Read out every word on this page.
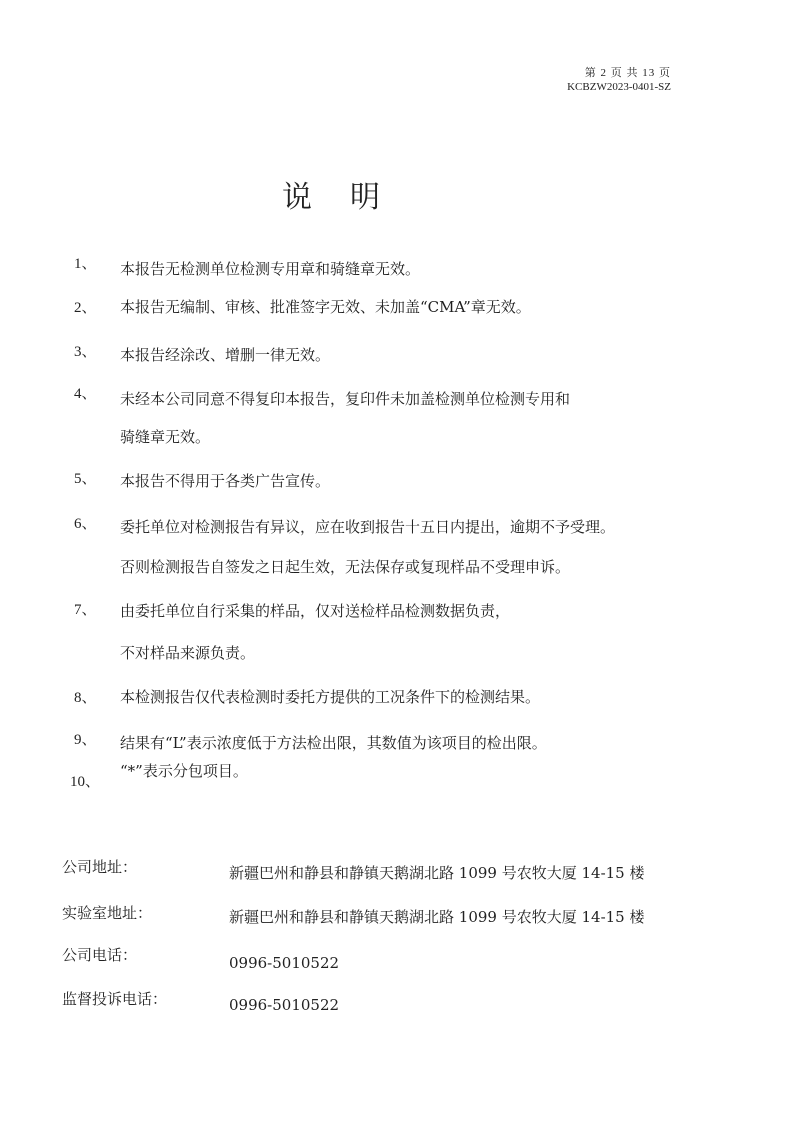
第 2 页 共 13 页
KCBZW2023-0401-SZ
说明
1、 本报告无检测单位检测专用章和骑缝章无效。
2、 本报告无编制、审核、批准签字无效、未加盖“CMA”章无效。
3、 本报告经涂改、增删一律无效。
4、 未经本公司同意不得复印本报告，复印件未加盖检测单位检测专用和
骑缝章无效。
5、 本报告不得用于各类广告宣传。
6、 委托单位对检测报告有异议，应在收到报告十五日内提出，逾期不予受理。
否则检测报告自签发之日起生效，无法保存或复现样品不受理申诉。
7、 由委托单位自行采集的样品，仅对送检样品检测数据负责，
不对样品来源负责。
8、 本检测报告仅代表检测时委托方提供的工况条件下的检测结果。
9、 结果有“L”表示浓度低于方法检出限，其数值为该项目的检出限。
10、
“*”表示分包项目。
公司地址：	新疆巴州和静县和静镇天鹅湖北路 1099 号农牧大厦 14-15 楼
实验室地址：	新疆巴州和静县和静镇天鹅湖北路 1099 号农牧大厦 14-15 楼
公司电话：	0996-5010522
监督投诉电话：	0996-5010522
